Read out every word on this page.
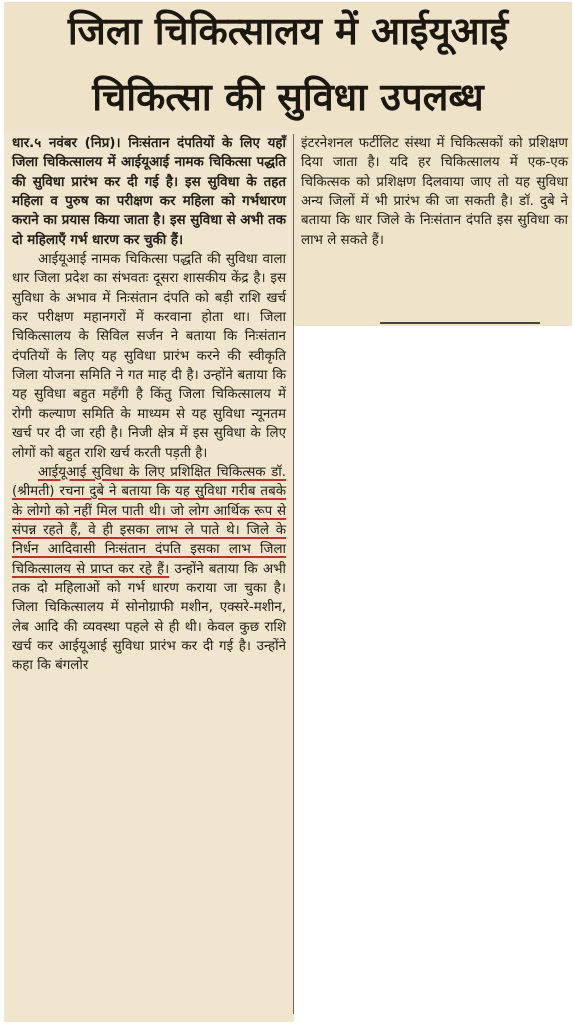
जिला चिकित्सालय में आईयूआई
चिकित्सा की सुविधा उपलब्ध

धार.५ नवंबर (निप्र)। निःसंतान दंपतियों के लिए यहाँ जिला चिकित्सालय में आईयूआई नामक चिकित्सा पद्धति की सुविधा प्रारंभ कर दी गई है। इस सुविधा के तहत महिला व पुरुष का परीक्षण कर महिला को गर्भधारण कराने का प्रयास किया जाता है। इस सुविधा से अभी तक दो महिलाएँ गर्भ धारण कर चुकी हैं।

आईयूआई नामक चिकित्सा पद्धति की सुविधा वाला धार जिला प्रदेश का संभवतः दूसरा शासकीय केंद्र है। इस सुविधा के अभाव में निःसंतान दंपति को बड़ी राशि खर्च कर परीक्षण महानगरों में करवाना होता था। जिला चिकित्सालय के सिविल सर्जन ने बताया कि निःसंतान दंपतियों के लिए यह सुविधा प्रारंभ करने की स्वीकृति जिला योजना समिति ने गत माह दी है। उन्होंने बताया कि यह सुविधा बहुत महँगी है किंतु जिला चिकित्सालय में रोगी कल्याण समिति के माध्यम से यह सुविधा न्यूनतम खर्च पर दी जा रही है। निजी क्षेत्र में इस सुविधा के लिए लोगों को बहुत राशि खर्च करती पड़ती है।

आईयूआई सुविधा के लिए प्रशिक्षित चिकित्सक डॉ. (श्रीमती) रचना दुबे ने बताया कि यह सुविधा गरीब तबके के लोगो को नहीं मिल पाती थी। जो लोग आर्थिक रूप से संपन्न रहते हैं, वे ही इसका लाभ ले पाते थे। जिले के निर्धन आदिवासी निःसंतान दंपति इसका लाभ जिला चिकित्सालय से प्राप्त कर रहे हैं। उन्होंने बताया कि अभी तक दो महिलाओं को गर्भ धारण कराया जा चुका है। जिला चिकित्सालय में सोनोग्राफी मशीन, एक्सरे-मशीन, लेब आदि की व्यवस्था पहले से ही थी। केवल कुछ राशि खर्च कर आईयूआई सुविधा प्रारंभ कर दी गई है। उन्होंने कहा कि बंगलोर

इंटरनेशनल फर्टीलिट संस्था में चिकित्सकों को प्रशिक्षण दिया जाता है। यदि हर चिकित्सालय में एक-एक चिकित्सक को प्रशिक्षण दिलवाया जाए तो यह सुविधा अन्य जिलों में भी प्रारंभ की जा सकती है। डॉ. दुबे ने बताया कि धार जिले के निःसंतान दंपति इस सुविधा का लाभ ले सकते हैं।
